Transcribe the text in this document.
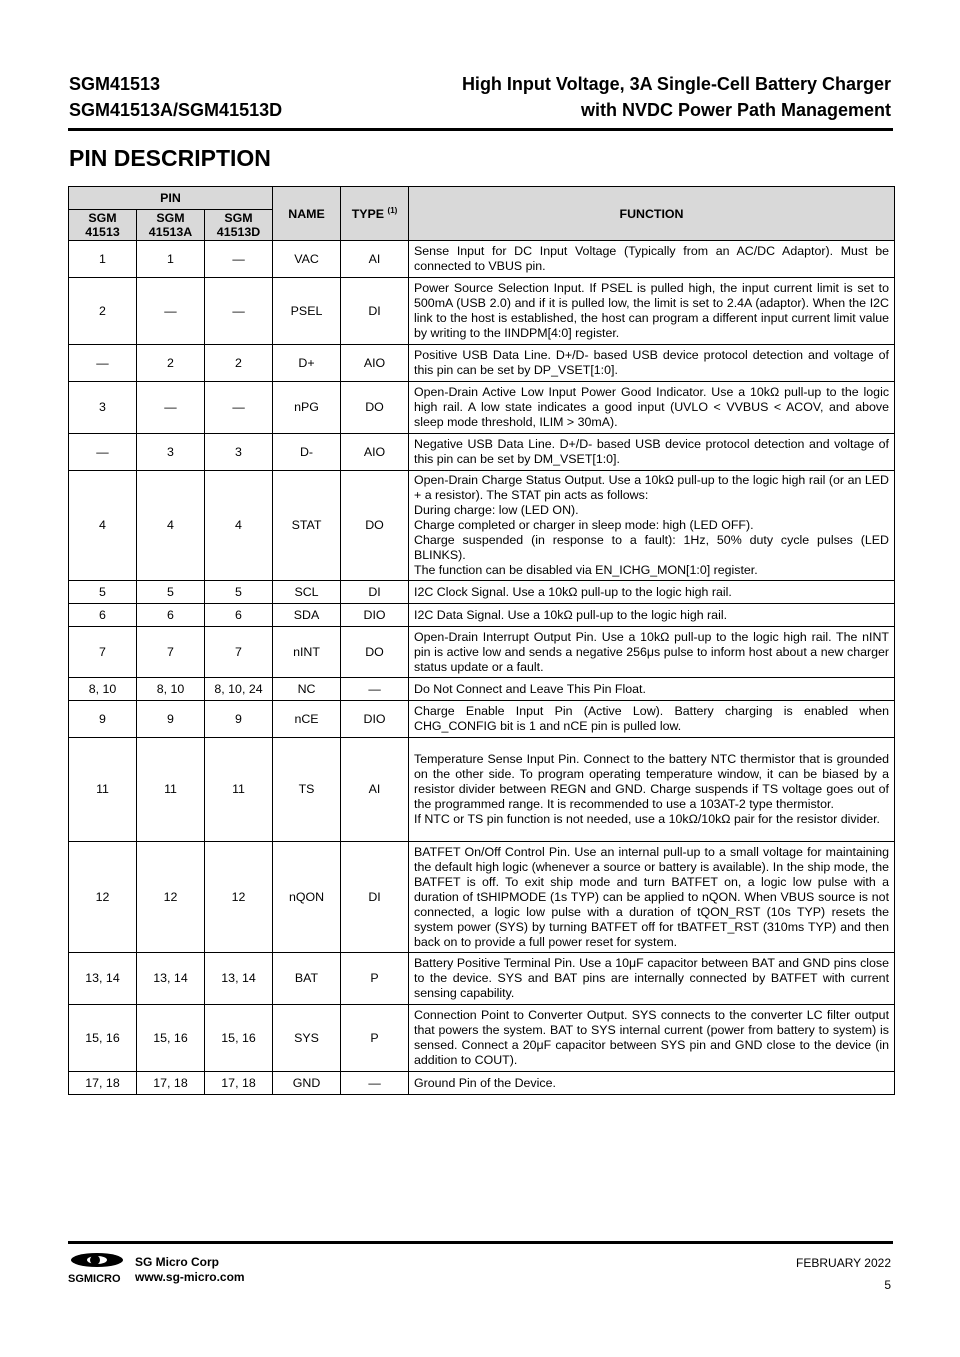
SGM41513
SGM41513A/SGM41513D
High Input Voltage, 3A Single-Cell Battery Charger
with NVDC Power Path Management
PIN DESCRIPTION
PIN			NAME	TYPE $^{(1)}$	FUNCTION
SGM 41513	SGM 41513A	SGM 41513D			
1	1	—	VAC	AI	Sense Input for DC Input Voltage (Typically from an AC/DC Adaptor). Must be connected to VBUS pin.
2	—	—	PSEL	DI	Power Source Selection Input. If PSEL is pulled high, the input current limit is set to 500mA (USB 2.0) and if it is pulled low, the limit is set to 2.4A (adaptor). When the I2C link to the host is established, the host can program a different input current limit value by writing to the IINDPM[4:0] register.
—	2	2	D+	AIO	Positive USB Data Line. D+/D- based USB device protocol detection and voltage of this pin can be set by DP_VSET[1:0].
3	—	—	nPG	DO	Open-Drain Active Low Input Power Good Indicator. Use a 10kΩ pull-up to the logic high rail. A low state indicates a good input (UVLO < VVBUS < ACOV, and above sleep mode threshold, ILIM > 30mA).
—	3	3	D-	AIO	Negative USB Data Line. D+/D- based USB device protocol detection and voltage of this pin can be set by DM_VSET[1:0].
4	4	4	STAT	DO	Open-Drain Charge Status Output. Use a 10kΩ pull-up to the logic high rail (or an LED + a resistor). The STAT pin acts as follows:
During charge: low (LED ON).
Charge completed or charger in sleep mode: high (LED OFF).
Charge suspended (in response to a fault): 1Hz, 50% duty cycle pulses (LED BLINKS).
The function can be disabled via EN_ICHG_MON[1:0] register.
5	5	5	SCL	DI	I2C Clock Signal. Use a 10kΩ pull-up to the logic high rail.
6	6	6	SDA	DIO	I2C Data Signal. Use a 10kΩ pull-up to the logic high rail.
7	7	7	nINT	DO	Open-Drain Interrupt Output Pin. Use a 10kΩ pull-up to the logic high rail. The nINT pin is active low and sends a negative 256μs pulse to inform host about a new charger status update or a fault.
8, 10	8, 10	8, 10, 24	NC	—	Do Not Connect and Leave This Pin Float.
9	9	9	nCE	DIO	Charge Enable Input Pin (Active Low). Battery charging is enabled when CHG_CONFIG bit is 1 and nCE pin is pulled low.
11	11	11	TS	AI	Temperature Sense Input Pin. Connect to the battery NTC thermistor that is grounded on the other side. To program operating temperature window, it can be biased by a resistor divider between REGN and GND. Charge suspends if TS voltage goes out of the programmed range. It is recommended to use a 103AT-2 type thermistor.
If NTC or TS pin function is not needed, use a 10kΩ/10kΩ pair for the resistor divider.
12	12	12	nQON	DI	BATFET On/Off Control Pin. Use an internal pull-up to a small voltage for maintaining the default high logic (whenever a source or battery is available). In the ship mode, the BATFET is off. To exit ship mode and turn BATFET on, a logic low pulse with a duration of tSHIPMODE (1s TYP) can be applied to nQON. When VBUS source is not connected, a logic low pulse with a duration of tQON_RST (10s TYP) resets the system power (SYS) by turning BATFET off for tBATFET_RST (310ms TYP) and then back on to provide a full power reset for system.
13, 14	13, 14	13, 14	BAT	P	Battery Positive Terminal Pin. Use a 10μF capacitor between BAT and GND pins close to the device. SYS and BAT pins are internally connected by BATFET with current sensing capability.
15, 16	15, 16	15, 16	SYS	P	Connection Point to Converter Output. SYS connects to the converter LC filter output that powers the system. BAT to SYS internal current (power from battery to system) is sensed. Connect a 20μF capacitor between SYS pin and GND close to the device (in addition to COUT).
17, 18	17, 18	17, 18	GND	—	Ground Pin of the Device.
SGMICRO
SG Micro Corp
www.sg-micro.com
FEBRUARY 2022
5
